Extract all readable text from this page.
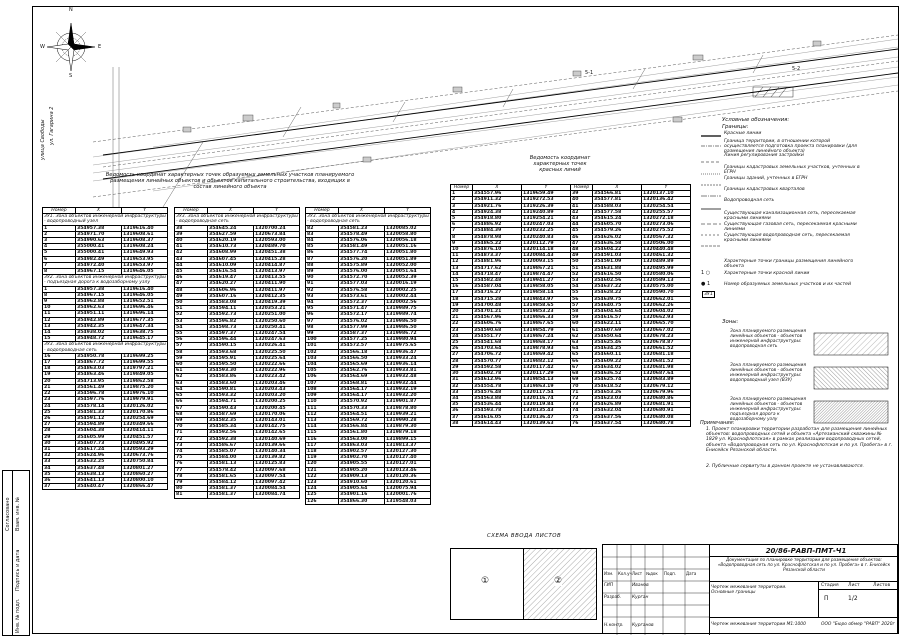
Согласовано Взам. инв. №
Подпись и дата
Инв. № подл.
N
S
W	E
улица Свободы ул. Гагарина 2
5-1
5-2
Ведомость координат характерных точек образуемых земельных участков планируемого размещения линейных объектов и объектов капитального строительства, входящих в состав линейного объекта
Ведомость координат характерных точек красных линий
Номер	X	Y
ЗУ1. Зона объектов инженерной инфраструктуры - водопроводный узел		
1	354957.38	1319616.40
2	354971.70	1319608.61
3	354990.63	1319608.37
4	355000.41	1319608.24
5	355000.41	1319649.93
6	354982.49	1319653.95
7	354972.40	1319653.97
8	354967.15	1319646.05
ЗУ2. Зона объектов инженерной инфраструктуры - подъездная дорога к водозаборному узлу		
1	354957.38	1319616.40
8	354967.15	1319646.05
9	354962.88	1319652.51
10	354962.63	1319696.46
11	354951.11	1319696.14
12	354942.89	1319677.35
13	354942.35	1319647.34
14	354938.02	1319638.75
15	354948.72	1319645.17
ЗУ3. Зона объектов инженерной инфраструктуры - водопроводная сеть		
16	354950.78	1319699.25
17	354867.72	1319699.55
18	354863.03	1319797.21
19	354863.46	1319849.05
20	354713.95	1319862.58
21	354561.49	1319875.20
22	354596.78	1319976.10
23	354597.76	1319979.91
24	354578.14	1320126.02
25	354581.33	1320170.86
26	354591.12	1320254.69
27	354594.89	1320349.66
28	354604.38	1320414.11
29	354605.99	1320451.57
30	354607.73	1320495.92
31	354617.24	1320593.29
32	354624.96	1320673.76
33	354632.25	1320750.84
34	354637.48	1320801.27
35	354638.13	1320860.27
36	354641.13	1320800.10
37	354640.47	1320866.47
Номер	X	Y
ЗУ3. Зона объектов инженерной инфраструктуры - водопроводная сеть		
38	354645.24	1320700.24
39	354627.59	1320673.84
40	354620.19	1320593.00
41	354610.73	1320489.70
42	354608.99	1320451.38
43	354607.45	1320415.28
44	354610.09	1320414.87
45	354616.54	1320413.97
46	354619.47	1320413.55
47	354620.27	1320411.90
48	354606.96	1320411.97
49	354607.16	1320412.35
50	354583.08	1320419.39
51	354594.11	1320353.21
52	354592.73	1320251.00
53	354596.82	1320250.60
54	354598.73	1320250.41
55	354597.37	1320247.54
56	354596.44	1320247.63
57	354590.15	1320226.41
58	354593.68	1320225.50
59	354595.91	1320225.64
60	354595.50	1320222.66
61	354593.30	1320222.96
62	354583.86	1320223.42
63	354583.60	1320203.46
64	354590.81	1320203.43
65	354593.32	1320203.20
66	354594.71	1320200.25
67	354590.43	1320200.45
68	354587.69	1320170.06
69	354582.35	1320143.01
70	354585.34	1320142.75
71	354592.56	1320142.65
72	354592.38	1320140.69
73	354586.67	1320139.66
74	354585.07	1320140.34
75	354584.00	1320139.82
76	354581.13	1320125.83
77	354578.42	1320097.68
78	354581.65	1320097.54
79	354584.12	1320097.42
80	354581.37	1320084.54
81	354581.37	1320084.74
Номер	X	Y
ЗУ3. Зона объектов инженерной инфраструктуры - водопроводная сеть		
82	354581.23	1320085.02
83	354578.49	1320058.80
84	354576.06	1320056.18
85	354581.49	1320051.16
86	354577.74	1320051.80
87	354576.20	1320051.89
88	354575.89	1320052.00
89	354576.00	1320051.64
90	354572.70	1320052.39
91	354577.03	1320016.19
92	354576.58	1320002.25
93	354573.61	1320002.44
94	354572.37	1320002.56
95	354571.47	1319989.75
96	354572.17	1319989.74
97	354576.02	1319986.50
98	354577.99	1319986.50
99	354587.37	1319986.72
100	354577.25	1319980.94
101	354572.57	1319975.65
102	354566.18	1319936.47
103	354566.50	1319933.24
104	354565.69	1319936.14
105	354562.76	1319933.81
106	354564.69	1319932.48
107	354568.81	1319932.44
108	354564.17	1319932.19
109	354564.17	1319932.20
110	354570.92	1319901.87
111	354570.33	1319878.80
112	354564.51	1319939.21
113	354569.72	1319990.28
114	354566.84	1319879.30
115	354561.80	1319879.18
116	354563.00	1319899.15
117	354863.03	1319813.37
118	354902.57	1320127.30
119	354902.70	1320127.40
120	354905.55	1320127.01
121	354905.20	1320123.46
122	354909.13	1320120.36
123	354910.60	1320120.61
124	354905.64	1320075.94
125	354901.16	1320001.76
126	354866.30	1319548.03
Номер	X	Y	Номер	X	Y
1	354557.96	1319659.49	39	354566.81	1320137.10
2	354911.32	1319272.53	40	354577.81	1320136.42
3	354921.76	1319226.39	41	354588.03	1320254.54
4	354924.38	1319240.89	42	354577.58	1320255.57
5	354918.80	1319254.21	43	354615.24	1320272.18
6	354886.92	1320247.03	44	354605.70	1320273.06
7	354884.39	1320232.25	45	354579.26	1320275.52
8	354878.98	1320240.83	46	354626.02	1320567.32
9	354865.22	1320112.79	47	354636.58	1320506.00
10	354876.10	1320114.18	48	354604.22	1320440.48
11	354873.37	1320084.43	49	354591.03	1320461.32
12	354881.96	1320093.15	50	354591.09	1320489.89
13	354717.62	1319867.21	51	354631.88	1320495.99
14	354718.47	1319874.47	52	354616.50	1320580.06
15	354582.48	1319941.27	53	354602.56	1320589.13
16	354587.04	1319858.05	54	354637.22	1320575.00
17	354716.27	1319858.14	55	354628.22	1320590.70
18	354715.28	1319843.97	56	354639.75	1320662.01
19	354700.48	1319858.65	57	354640.75	1320662.26
20	354701.21	1319853.23	58	354604.64	1320604.02
21	354567.96	1319866.33	59	354616.57	1320662.93
22	354606.76	1319867.65	60	354622.11	1320665.70
23	354590.68	1319854.79	61	354607.69	1320667.02
24	354551.77	1319867.24	62	354650.64	1320678.23
25	354541.68	1319868.17	63	354625.46	1320678.87
26	354703.64	1319878.93	64	354634.25	1320661.52
27	354706.72	1319869.42	65	354660.11	1320681.18
28	354570.77	1319882.12	66	354609.22	1320681.52
29	354592.58	1320117.42	67	354634.02	1320681.98
30	354602.78	1320117.29	68	354636.52	1320687.64
31	354612.96	1319854.13	69	354625.74	1320683.89
32	354554.78	1319863.19	70	354618.52	1320679.12
33	354576.48	1320117.54	71	354653.26	1320679.96
34	354563.88	1320116.74	72	354623.03	1320680.86
35	354536.44	1320119.84	73	354626.89	1320681.91
36	354593.78	1320135.43	74	354632.04	1320680.91
37	354616.05	1320136.47	75	354637.56	1320680.08
38	354614.43	1320139.63	76	354637.54	1320680.78
Условные обозначения:
Границы:
1 ○
● 1
3У1
Красные линии
Граница территории, в отношении которой осуществляется подготовка проекта планировки (для размещения линейного объекта)
Линия регулирования застройки
Границы кадастровых земельных участков, учтенных в ЕГРН
Границы зданий, учтенных в ЕГРН
Границы кадастровых кварталов
Водопроводная сеть
Существующая канализационная сеть, пересекаемая красными линиями
Существующая газовая сеть, пересекаемая красными линиями
Существующая водопроводная сеть, пересекаемая красными линиями
Характерные точки границы размещения линейного объекта
Характерные точки красной линии
Номер образуемых земельных участков и их частей
Зоны:
Зона планируемого размещения линейных объектов - объектов инженерной инфраструктуры: водопроводная сеть
Зона планируемого размещения линейных объектов - объектов инженерной инфраструктуры: водопроводный узел (ВЗУ)
Зона планируемого размещения линейных объектов - объектов инженерной инфраструктуры: подъездная дорога к водозаборному узлу
Примечания:
1. Проект планировки территории разработан для размещения линейных объектов: водопроводных сетей и объекта «Артезианский скважины № 1829 ул. Краснофлотская» в рамках реализации водопроводных сетей, объекта «Водопроводная сеть по ул. Краснофлотская и по ул. Пробега» в г. Енисейск Рязанской области.
2. Публичные сервитуты в данном проекте не устанавливаются.
СХЕМА ВВОДА ЛИСТОВ
①	②
20/86-РАВП-ПМТ-Ч1
Документация по планировке территории для размещения объектов: «Водопроводная сеть по ул. Краснофлотская и по ул. Пробега» в г. Енисейск Рязанской области
Чертеж межевания территории. Основные границы
Стадия Лист	Листов
П	1/2
Чертеж межевания территории М1:1000	ООО "Бюро обмер "РАВП" 2020г
Изм. Кол.уч Лист №док Подп. Дата
ГИП	Иванов
Разраб. Курган
Н.контр. Курганов
